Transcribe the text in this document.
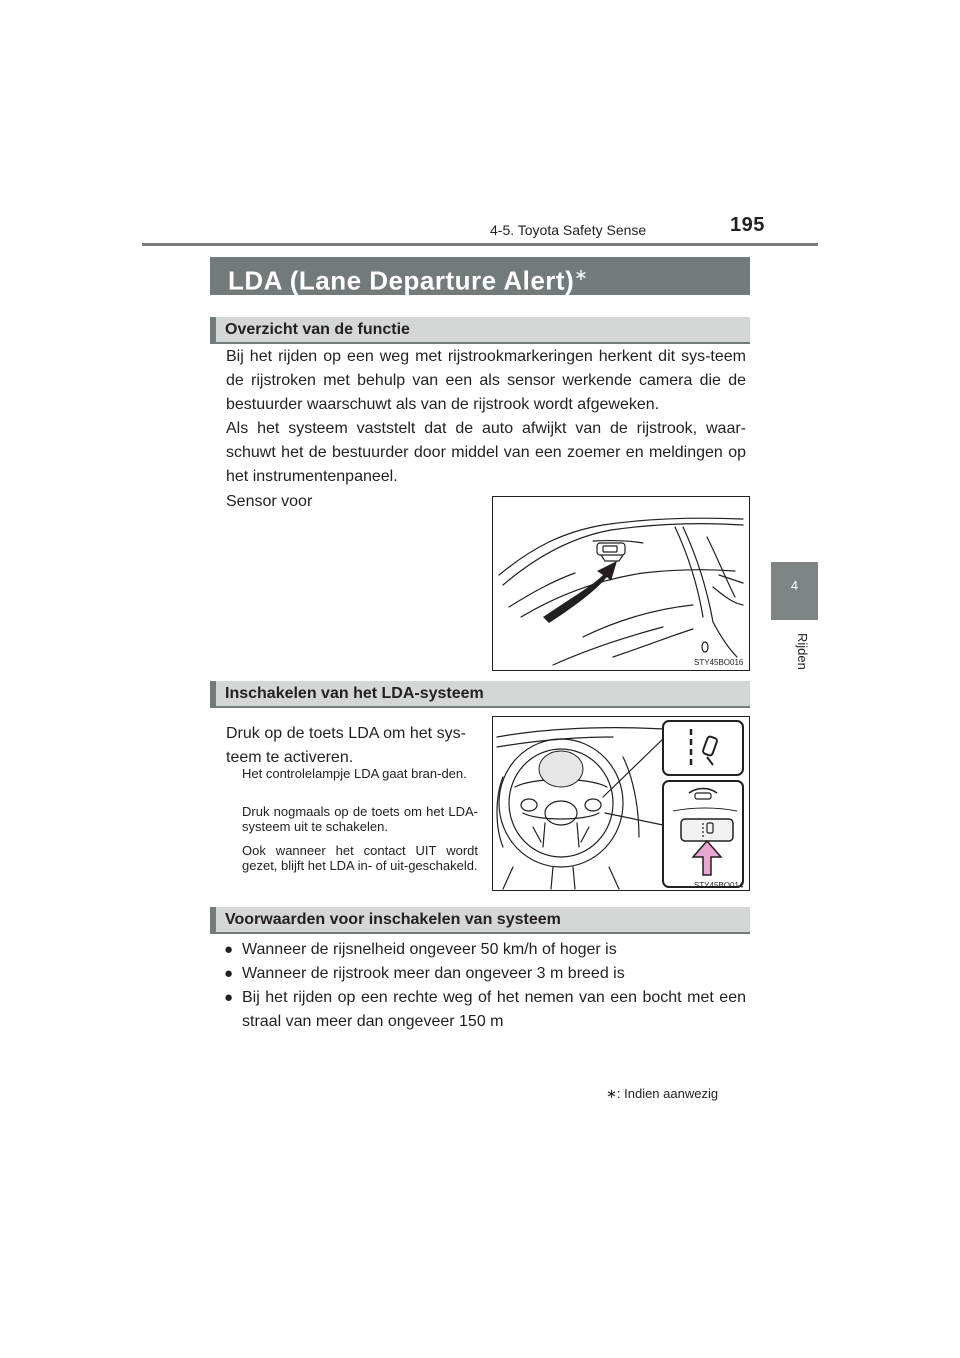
4-5. Toyota Safety Sense	195
4
Rijden
LDA (Lane Departure Alert)∗
Overzicht van de functie
Bij het rijden op een weg met rijstrookmarkeringen herkent dit sys-teem de rijstroken met behulp van een als sensor werkende camera die de bestuurder waarschuwt als van de rijstrook wordt afgeweken.
Als het systeem vaststelt dat de auto afwijkt van de rijstrook, waar-schuwt het de bestuurder door middel van een zoemer en meldingen op het instrumentenpaneel.
Sensor voor
STY45BO016
Inschakelen van het LDA-systeem
Druk op de toets LDA om het sys-teem te activeren.
Het controlelampje LDA gaat bran-den.
Druk nogmaals op de toets om het LDA-systeem uit te schakelen.
Ook wanneer het contact UIT wordt gezet, blijft het LDA in- of uit-geschakeld.
STY45BO014
Voorwaarden voor inschakelen van systeem
● Wanneer de rijsnelheid ongeveer 50 km/h of hoger is
● Wanneer de rijstrook meer dan ongeveer 3 m breed is
● Bij het rijden op een rechte weg of het nemen van een bocht met een straal van meer dan ongeveer 150 m
∗: Indien aanwezig
